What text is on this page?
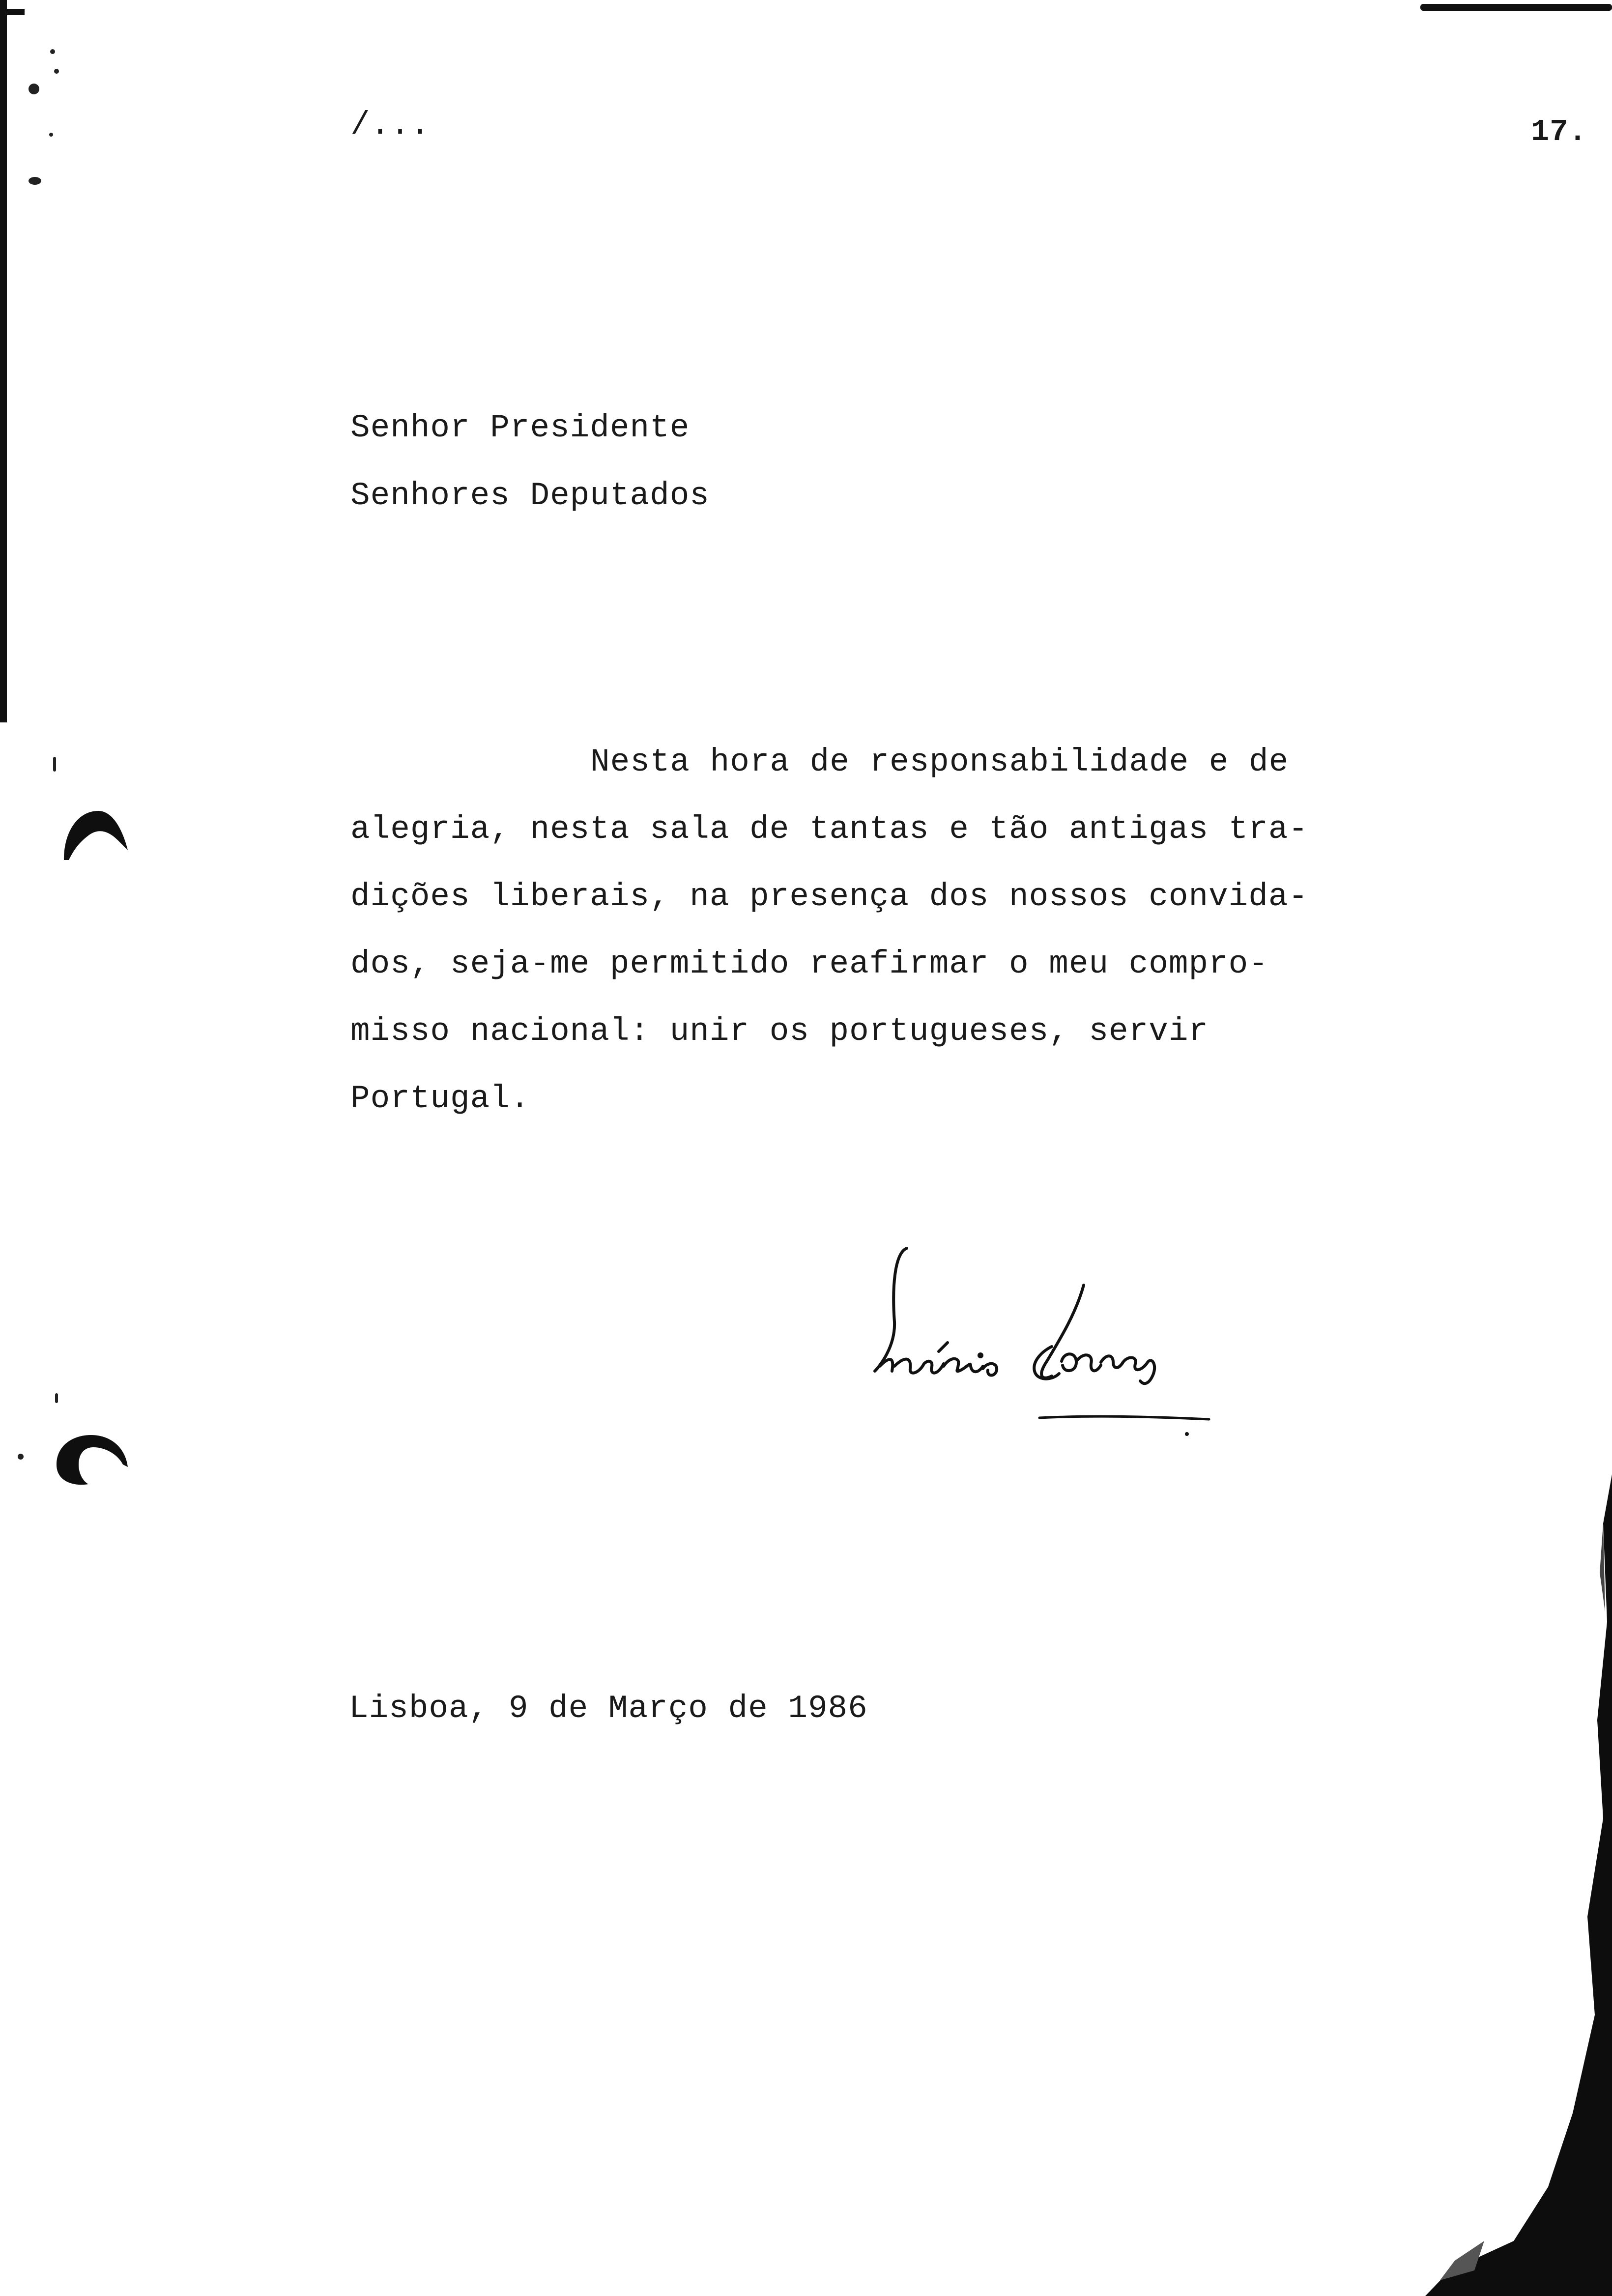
/...	17.

Senhor Presidente

Senhores Deputados

Nesta hora de responsabilidade e de

alegria, nesta sala de tantas e tão antigas tra-

dições liberais, na presença dos nossos convida-

dos, seja-me permitido reafirmar o meu compro-

misso nacional: unir os portugueses, servir

Portugal.

Lisboa, 9 de Março de 1986
